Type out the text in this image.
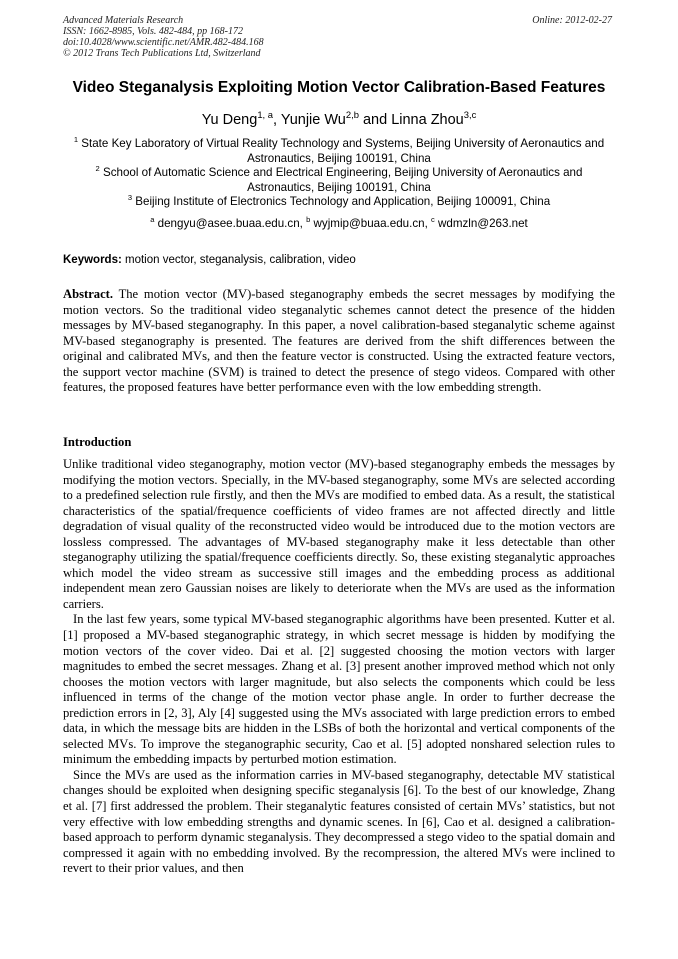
Advanced Materials Research
ISSN: 1662-8985, Vols. 482-484, pp 168-172
doi:10.4028/www.scientific.net/AMR.482-484.168
© 2012 Trans Tech Publications Ltd, Switzerland
Online: 2012-02-27
Video Steganalysis Exploiting Motion Vector Calibration-Based Features
Yu Deng$^{1, a}$, Yunjie Wu$^{2,b}$ and Linna Zhou$^{3,c}$
$^1$ State Key Laboratory of Virtual Reality Technology and Systems, Beijing University of Aeronautics and Astronautics, Beijing 100191, China
$^2$ School of Automatic Science and Electrical Engineering, Beijing University of Aeronautics and Astronautics, Beijing 100191, China
$^3$ Beijing Institute of Electronics Technology and Application, Beijing 100091, China
$^a$ dengyu@asee.buaa.edu.cn, $^b$ wyjmip@buaa.edu.cn, $^c$ wdmzln@263.net
Keywords: motion vector, steganalysis, calibration, video
Abstract. The motion vector (MV)-based steganography embeds the secret messages by modifying the motion vectors. So the traditional video steganalytic schemes cannot detect the presence of the hidden messages by MV-based steganography. In this paper, a novel calibration-based steganalytic scheme against MV-based steganography is presented. The features are derived from the shift differences between the original and calibrated MVs, and then the feature vector is constructed. Using the extracted feature vectors, the support vector machine (SVM) is trained to detect the presence of stego videos. Compared with other features, the proposed features have better performance even with the low embedding strength.
Introduction

Unlike traditional video steganography, motion vector (MV)-based steganography embeds the messages by modifying the motion vectors. Specially, in the MV-based steganography, some MVs are selected according to a predefined selection rule firstly, and then the MVs are modified to embed data. As a result, the statistical characteristics of the spatial/frequence coefficients of video frames are not affected directly and little degradation of visual quality of the reconstructed video would be introduced due to the motion vectors are lossless compressed. The advantages of MV-based steganography make it less detectable than other steganography utilizing the spatial/frequence coefficients directly. So, these existing steganalytic approaches which model the video stream as successive still images and the embedding process as additional independent mean zero Gaussian noises are likely to deteriorate when the MVs are used as the information carriers.

In the last few years, some typical MV-based steganographic algorithms have been presented. Kutter et al. [1] proposed a MV-based steganographic strategy, in which secret message is hidden by modifying the motion vectors of the cover video. Dai et al. [2] suggested choosing the motion vectors with larger magnitudes to embed the secret messages. Zhang et al. [3] present another improved method which not only chooses the motion vectors with larger magnitude, but also selects the components which could be less influenced in terms of the change of the motion vector phase angle. In order to further decrease the prediction errors in [2, 3], Aly [4] suggested using the MVs associated with large prediction errors to embed data, in which the message bits are hidden in the LSBs of both the horizontal and vertical components of the selected MVs. To improve the steganographic security, Cao et al. [5] adopted nonshared selection rules to minimum the embedding impacts by perturbed motion estimation.

Since the MVs are used as the information carries in MV-based steganography, detectable MV statistical changes should be exploited when designing specific steganalysis [6]. To the best of our knowledge, Zhang et al. [7] first addressed the problem. Their steganalytic features consisted of certain MVs’ statistics, but not very effective with low embedding strengths and dynamic scenes. In [6], Cao et al. designed a calibration-based approach to perform dynamic steganalysis. They decompressed a stego video to the spatial domain and compressed it again with no embedding involved. By the recompression, the altered MVs were inclined to revert to their prior values, and then
